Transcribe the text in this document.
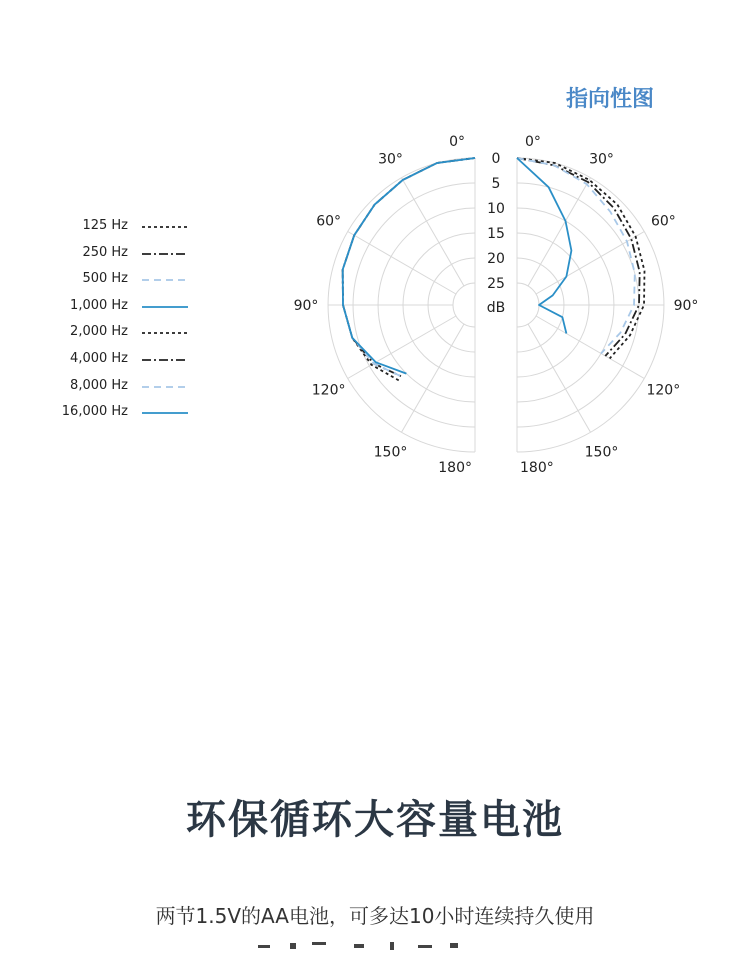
指向性图
125 Hz
250 Hz
500 Hz
1,000 Hz
2,000 Hz
4,000 Hz
8,000 Hz
16,000 Hz
0°
30°
60°
90°
120°
150°
180°
0°
30°
60°
90°
120°
150°
180°
0
5
10
15
20
25
dB
环保循环大容量电池
两节1.5V的AA电池，可多达10小时连续持久使用
